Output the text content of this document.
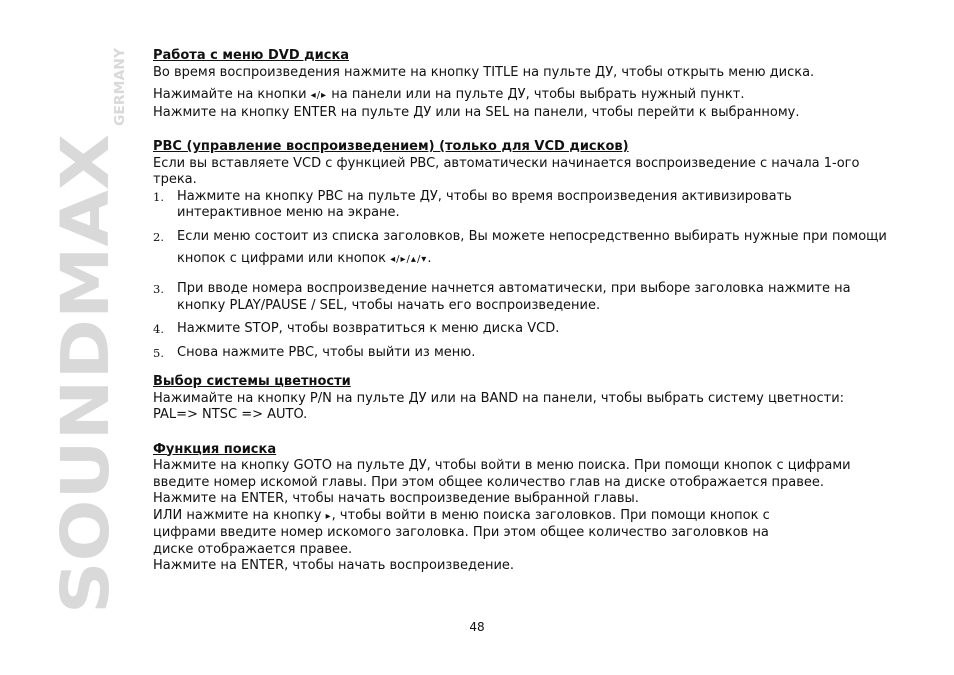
SOUNDMAX
GERMANY Работа с меню DVD диска

Во время воспроизведения нажмите на кнопку TITLE на пульте ДУ, чтобы открыть меню диска.

Нажимайте на кнопки ◂/▸ на панели или на пульте ДУ, чтобы выбрать нужный пункт.

Нажмите на кнопку ENTER на пульте ДУ или на SEL на панели, чтобы перейти к выбранному.

PBC (управление воспроизведением) (только для VCD дисков)

Если вы вставляете VCD с функцией PBC, автоматически начинается воспроизведение с начала 1-ого

трека.

1. Нажмите на кнопку PBC на пульте ДУ, чтобы во время воспроизведения активизировать
интерактивное меню на экране.
2. Если меню состоит из списка заголовков, Вы можете непосредственно выбирать нужные при помощи
кнопок с цифрами или кнопок ◂/▸/▴/▾.
3. При вводе номера воспроизведение начнется автоматически, при выборе заголовка нажмите на
кнопку PLAY/PAUSE / SEL, чтобы начать его воспроизведение.
4. Нажмите STOP, чтобы возвратиться к меню диска VCD.
5. Снова нажмите PBC, чтобы выйти из меню.

Выбор системы цветности

Нажимайте на кнопку P/N на пульте ДУ или на BAND на панели, чтобы выбрать систему цветности:

PAL=> NTSC => AUTO.

Функция поиска

Нажмите на кнопку GOTO на пульте ДУ, чтобы войти в меню поиска. При помощи кнопок с цифрами

введите номер искомой главы. При этом общее количество глав на диске отображается правее.

Нажмите на ENTER, чтобы начать воспроизведение выбранной главы.

ИЛИ нажмите на кнопку ▸, чтобы войти в меню поиска заголовков. При помощи кнопок с

цифрами введите номер искомого заголовка. При этом общее количество заголовков на

диске отображается правее.

Нажмите на ENTER, чтобы начать воспроизведение.

48
